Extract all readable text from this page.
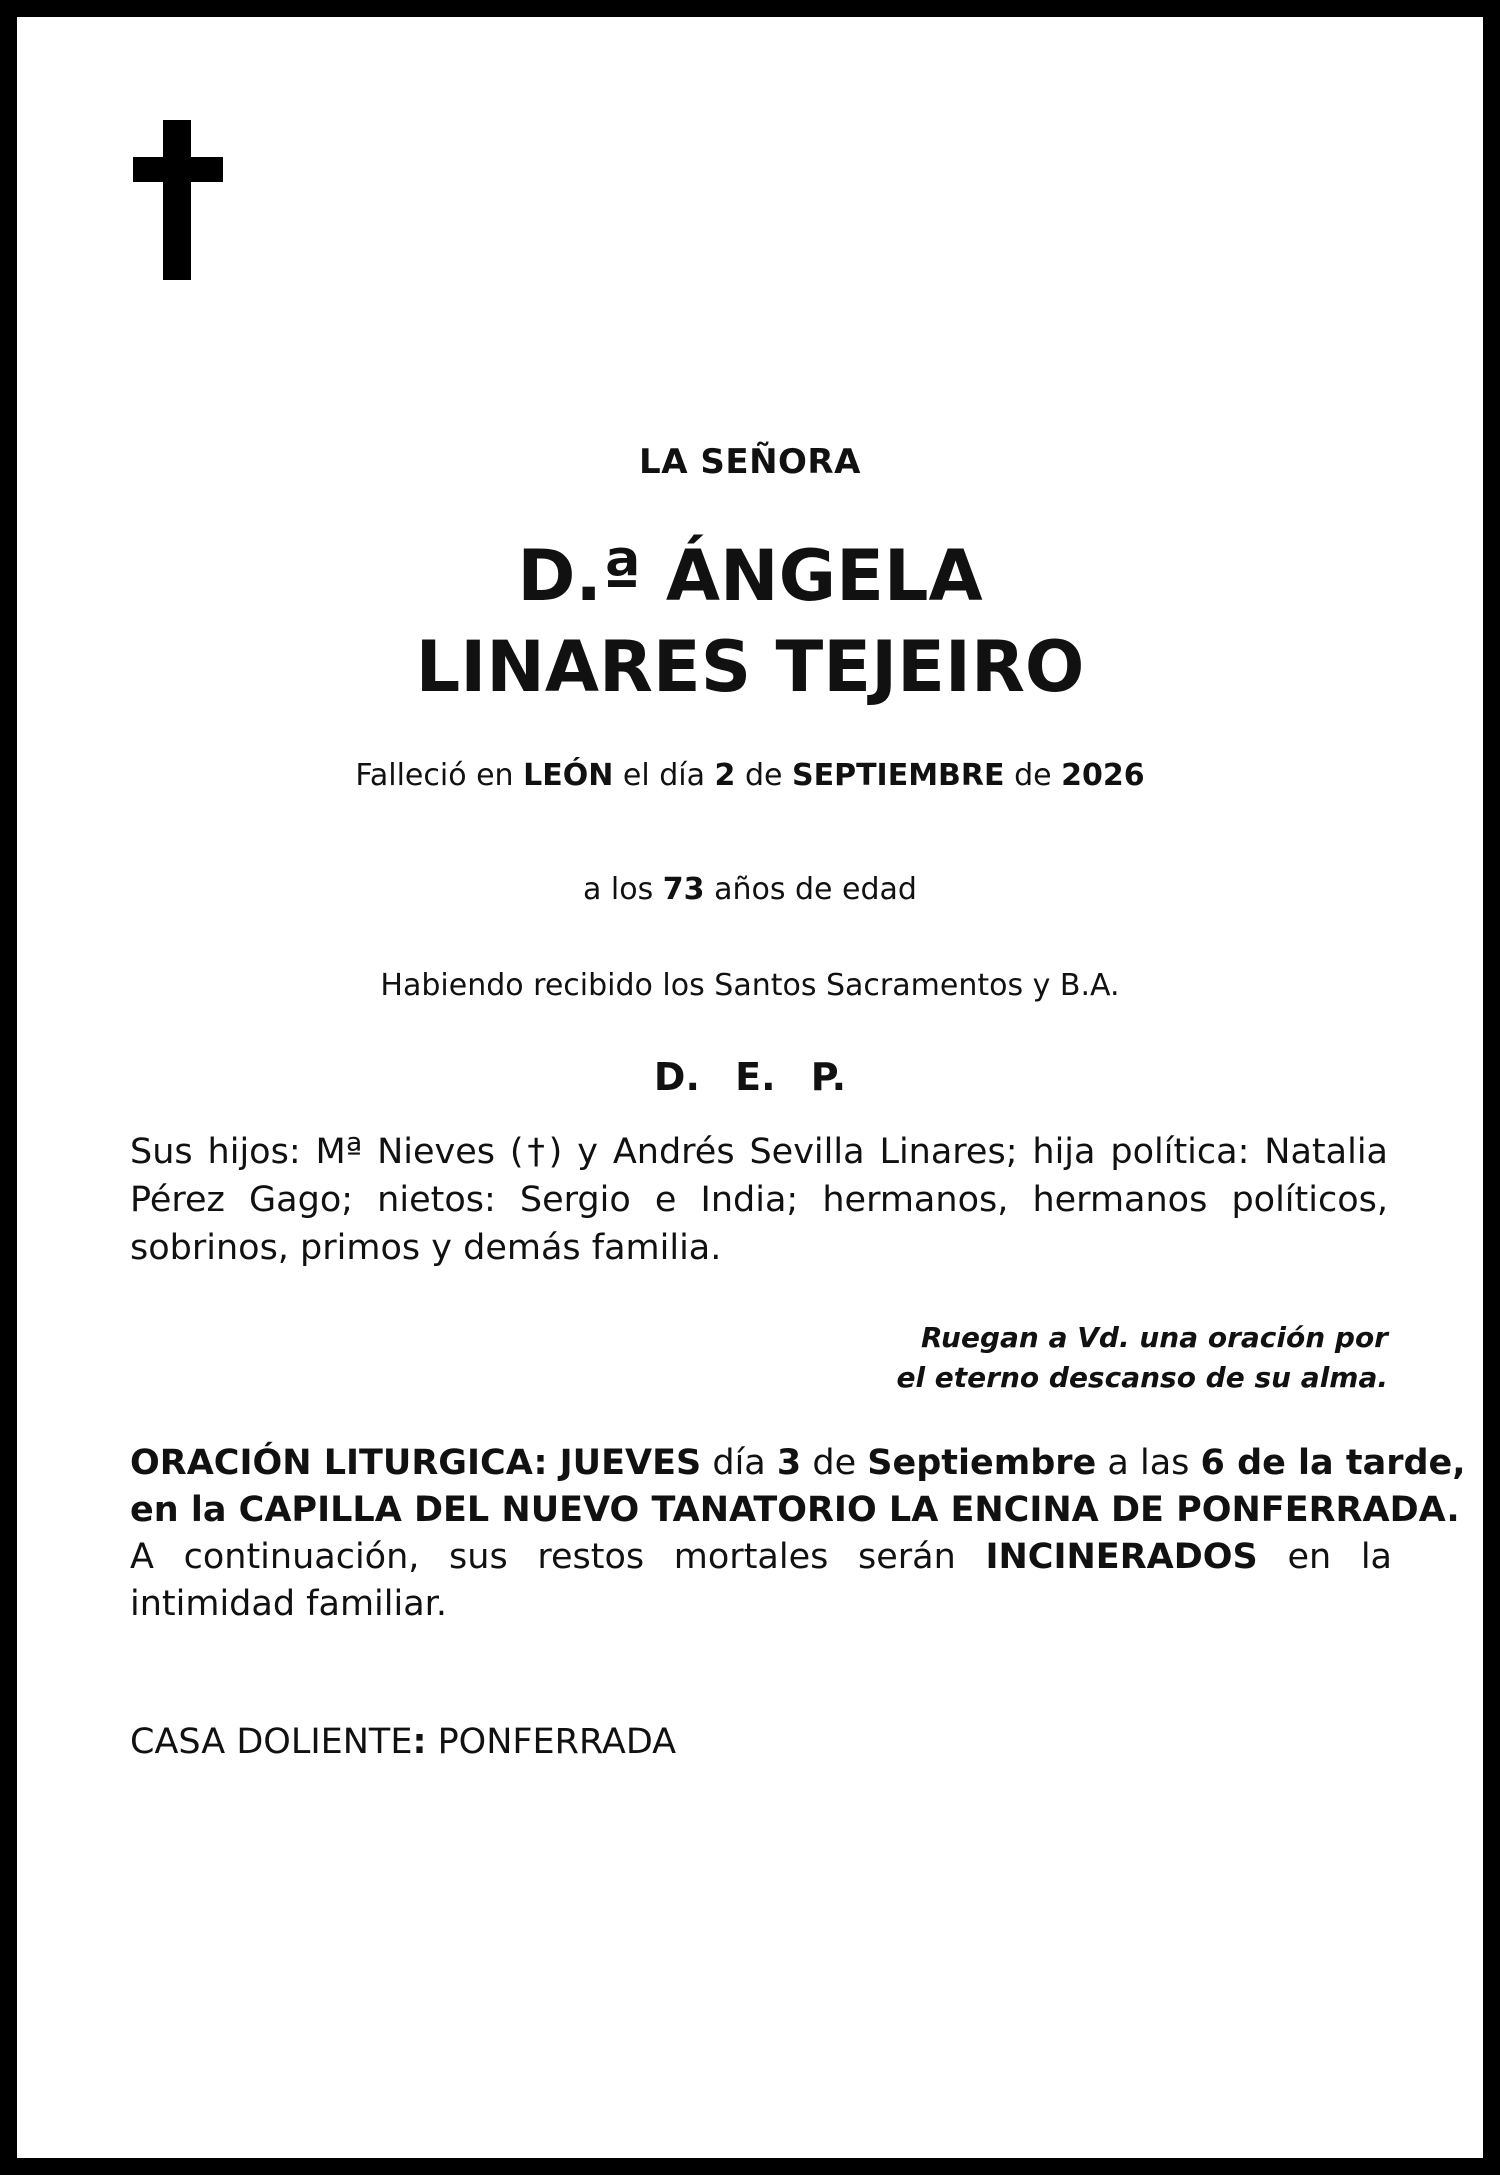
LA SEÑORA
D.ª ÁNGELA
LINARES TEJEIRO
Falleció en LEÓN el día 2 de SEPTIEMBRE de 2026
a los 73 años de edad
Habiendo recibido los Santos Sacramentos y B.A.
D. E. P.
Sus hijos: Mª Nieves (†) y Andrés Sevilla Linares; hija política: Natalia Pérez Gago; nietos: Sergio e India; hermanos, hermanos políticos, sobrinos, primos y demás familia.
Ruegan a Vd. una oración por
el eterno descanso de su alma.
ORACIÓN LITURGICA: JUEVES día 3 de Septiembre a las 6 de la tarde,
en la CAPILLA DEL NUEVO TANATORIO LA ENCINA DE PONFERRADA.
A continuación, sus restos mortales serán INCINERADOS en la
intimidad familiar.
CASA DOLIENTE: PONFERRADA
